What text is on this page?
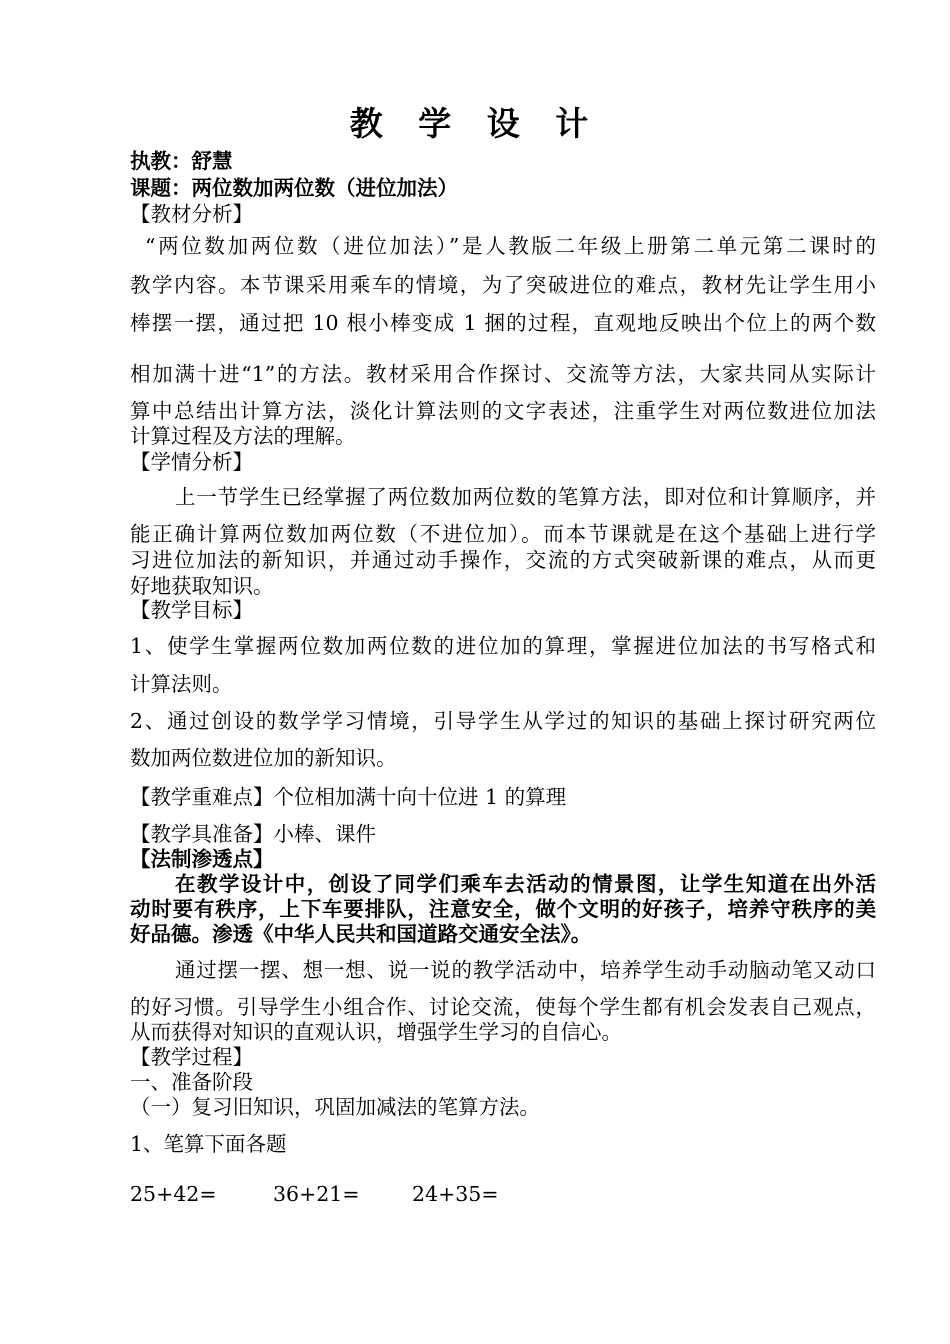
教 学 设 计
执教：舒慧
课题：两位数加两位数（进位加法）
【教材分析】
“两位数加两位数（进位加法）”是人教版二年级上册第二单元第二课时的
教学内容。本节课采用乘车的情境，为了突破进位的难点，教材先让学生用小
棒摆一摆，通过把 10 根小棒变成 1 捆的过程，直观地反映出个位上的两个数
相加满十进“1”的方法。教材采用合作探讨、交流等方法，大家共同从实际计
算中总结出计算方法，淡化计算法则的文字表述，注重学生对两位数进位加法
计算过程及方法的理解。
【学情分析】
上一节学生已经掌握了两位数加两位数的笔算方法，即对位和计算顺序，并
能正确计算两位数加两位数（不进位加）。而本节课就是在这个基础上进行学
习进位加法的新知识，并通过动手操作，交流的方式突破新课的难点，从而更
好地获取知识。
【教学目标】
1、使学生掌握两位数加两位数的进位加的算理，掌握进位加法的书写格式和
计算法则。
2、通过创设的数学学习情境，引导学生从学过的知识的基础上探讨研究两位
数加两位数进位加的新知识。
【教学重难点】个位相加满十向十位进 1 的算理
【教学具准备】小棒、课件
【法制渗透点】
在教学设计中，创设了同学们乘车去活动的情景图，让学生知道在出外活
动时要有秩序，上下车要排队，注意安全，做个文明的好孩子，培养守秩序的美
好品德。渗透《中华人民共和国道路交通安全法》。
通过摆一摆、想一想、说一说的教学活动中，培养学生动手动脑动笔又动口
的好习惯。引导学生小组合作、讨论交流，使每个学生都有机会发表自己观点，
从而获得对知识的直观认识，增强学生学习的自信心。
【教学过程】
一、准备阶段
（一）复习旧知识，巩固加减法的笔算方法。
1、笔算下面各题
25+42=	36+21=	24+35=
